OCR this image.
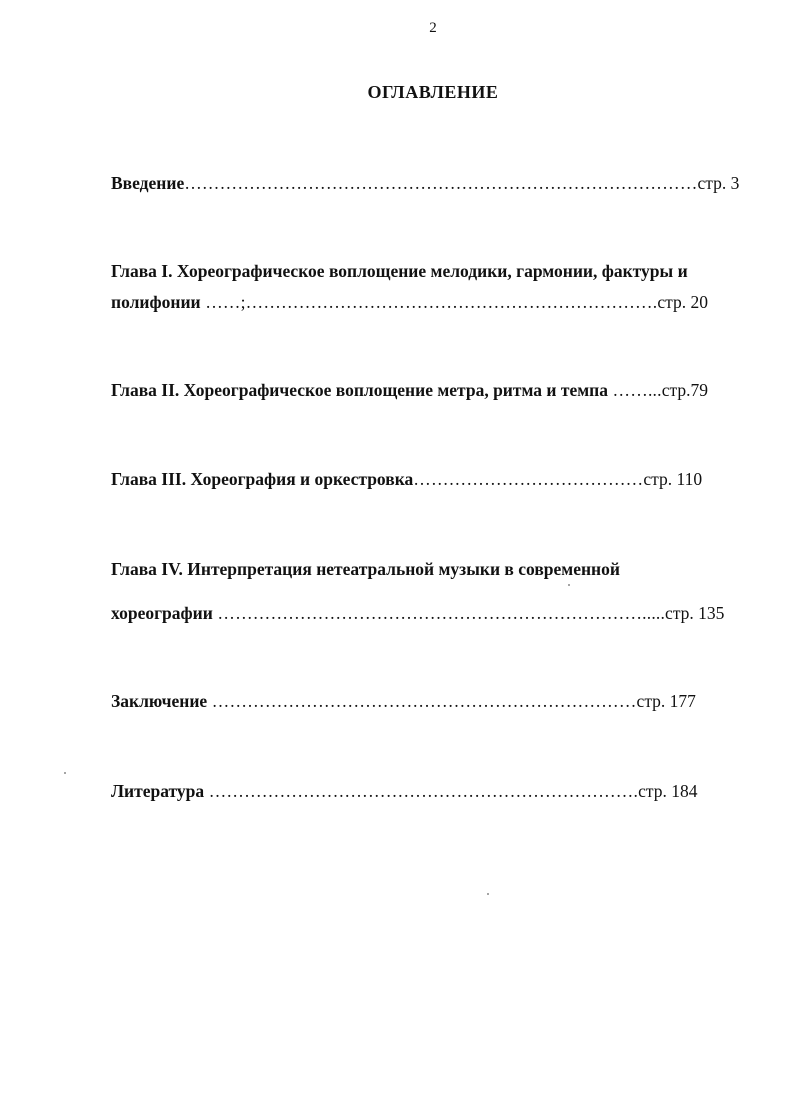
2
ОГЛАВЛЕНИЕ
Введение……………………………………………………………………………стр. 3
Глава I. Хореографическое воплощение мелодики, гармонии, фактуры и
полифонии ……;…………………………………………………………….стр. 20
Глава II. Хореографическое воплощение метра, ритма и темпа ……...стр.79
Глава III. Хореография и оркестровка…………………………………стр. 110
Глава IV. Интерпретация нетеатральной музыки в современной
хореографии ……………………………………………………………….....стр. 135
Заключение ………………………………………………………………стр. 177
Литература ……………………………………………………………….стр. 184
